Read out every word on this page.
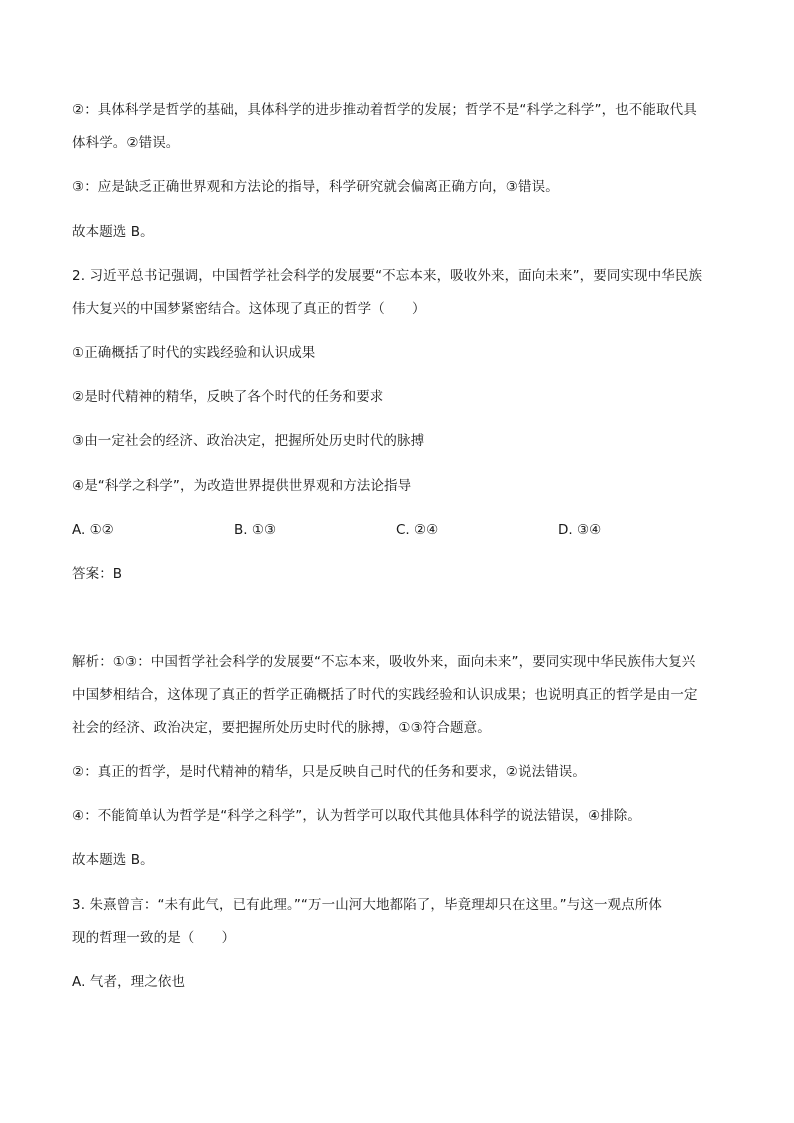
②：具体科学是哲学的基础，具体科学的进步推动着哲学的发展；哲学不是“科学之科学”，也不能取代具
体科学。②错误。
③：应是缺乏正确世界观和方法论的指导，科学研究就会偏离正确方向，③错误。
故本题选 B。
2. 习近平总书记强调，中国哲学社会科学的发展要“不忘本来，吸收外来，面向未来”，要同实现中华民族
伟大复兴的中国梦紧密结合。这体现了真正的哲学（　　）
①正确概括了时代的实践经验和认识成果
②是时代精神的精华，反映了各个时代的任务和要求
③由一定社会的经济、政治决定，把握所处历史时代的脉搏
④是“科学之科学”，为改造世界提供世界观和方法论指导
A. ①②	B. ①③	C. ②④	D. ③④
答案：B
解析：①③：中国哲学社会科学的发展要“不忘本来，吸收外来，面向未来”，要同实现中华民族伟大复兴
中国梦相结合，这体现了真正的哲学正确概括了时代的实践经验和认识成果；也说明真正的哲学是由一定
社会的经济、政治决定，要把握所处历史时代的脉搏，①③符合题意。
②：真正的哲学，是时代精神的精华，只是反映自己时代的任务和要求，②说法错误。
④：不能简单认为哲学是“科学之科学”，认为哲学可以取代其他具体科学的说法错误，④排除。
故本题选 B。
3. 朱熹曾言：“未有此气，已有此理。”“万一山河大地都陷了，毕竟理却只在这里。”与这一观点所体
现的哲理一致的是（　　）
A. 气者，理之依也
